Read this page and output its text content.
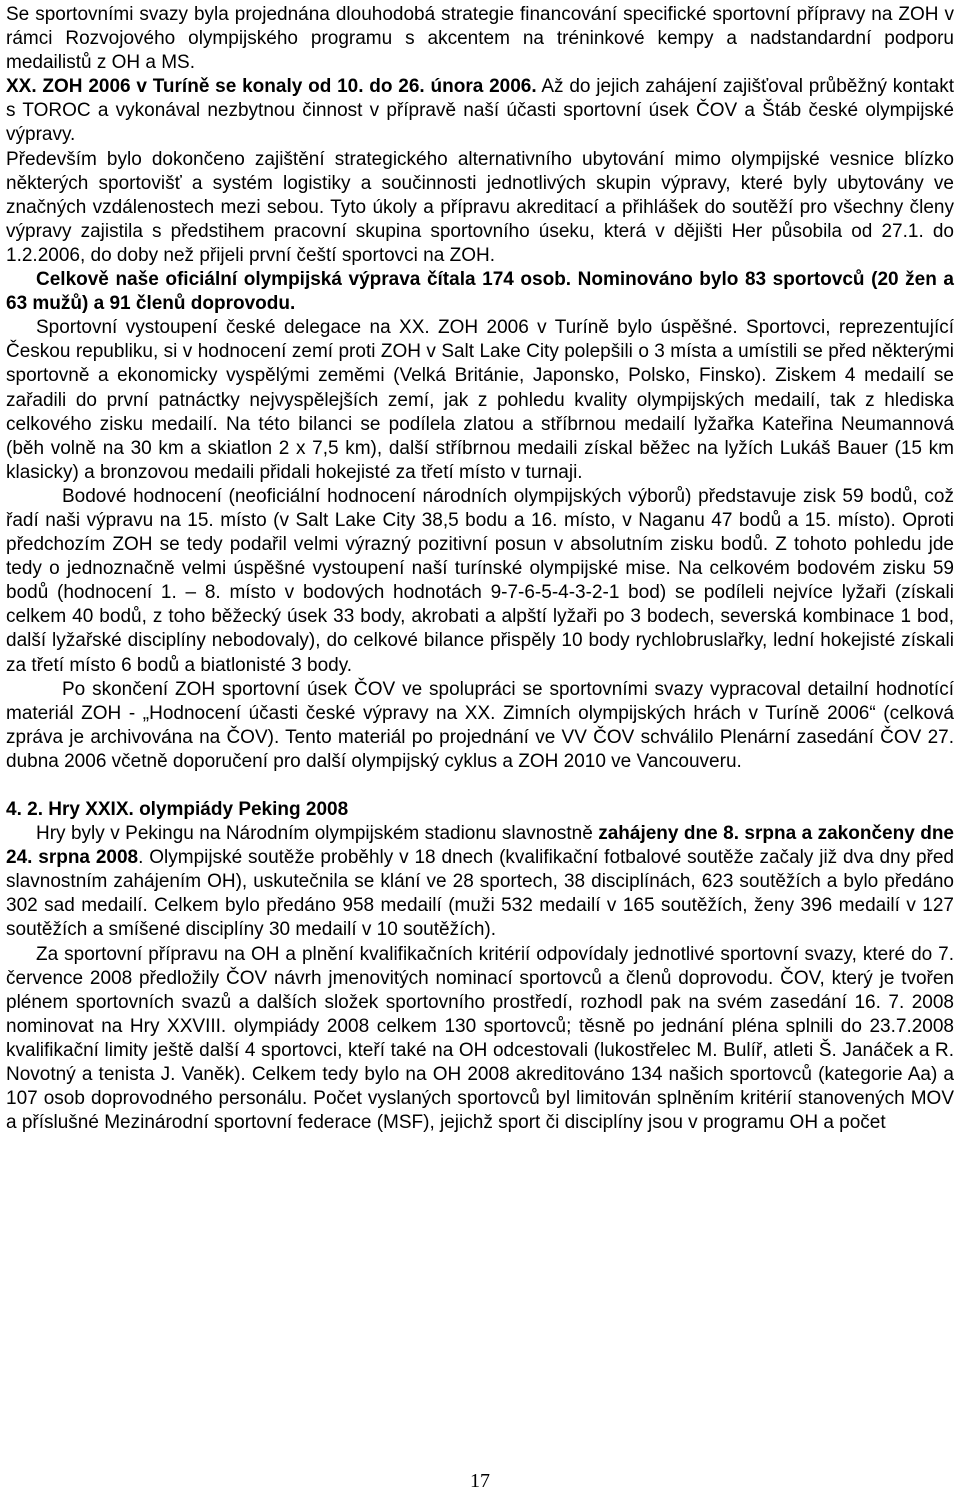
Se sportovními svazy byla projednána dlouhodobá strategie financování specifické sportovní přípravy na ZOH v rámci Rozvojového olympijského programu s akcentem na tréninkové kempy a nadstandardní podporu medailistů z OH a MS.

XX. ZOH 2006 v Turíně se konaly od 10. do 26. února 2006. Až do jejich zahájení zajišťoval průběžný kontakt s TOROC a vykonával nezbytnou činnost v přípravě naší účasti sportovní úsek ČOV a Štáb české olympijské výpravy.

Především bylo dokončeno zajištění strategického alternativního ubytování mimo olympijské vesnice blízko některých sportovišť a systém logistiky a součinnosti jednotlivých skupin výpravy, které byly ubytovány ve značných vzdálenostech mezi sebou. Tyto úkoly a přípravu akreditací a přihlášek do soutěží pro všechny členy výpravy zajistila s předstihem pracovní skupina sportovního úseku, která v dějišti Her působila od 27.1. do 1.2.2006, do doby než přijeli první čeští sportovci na ZOH.

Celkově naše oficiální olympijská výprava čítala 174 osob. Nominováno bylo 83 sportovců (20 žen a 63 mužů) a 91 členů doprovodu.

Sportovní vystoupení české delegace na XX. ZOH 2006 v Turíně bylo úspěšné. Sportovci, reprezentující Českou republiku, si v hodnocení zemí proti ZOH v Salt Lake City polepšili o 3 místa a umístili se před některými sportovně a ekonomicky vyspělými zeměmi (Velká Británie, Japonsko, Polsko, Finsko). Ziskem 4 medailí se zařadili do první patnáctky nejvyspělejších zemí, jak z pohledu kvality olympijských medailí, tak z hlediska celkového zisku medailí. Na této bilanci se podílela zlatou a stříbrnou medailí lyžařka Kateřina Neumannová (běh volně na 30 km a skiatlon 2 x 7,5 km), další stříbrnou medaili získal běžec na lyžích Lukáš Bauer (15 km klasicky) a bronzovou medaili přidali hokejisté za třetí místo v turnaji.

Bodové hodnocení (neoficiální hodnocení národních olympijských výborů) představuje zisk 59 bodů, což řadí naši výpravu na 15. místo (v Salt Lake City 38,5 bodu a 16. místo, v Naganu 47 bodů a 15. místo). Oproti předchozím ZOH se tedy podařil velmi výrazný pozitivní posun v absolutním zisku bodů. Z tohoto pohledu jde tedy o jednoznačně velmi úspěšné vystoupení naší turínské olympijské mise. Na celkovém bodovém zisku 59 bodů (hodnocení 1. – 8. místo v bodových hodnotách 9-7-6-5-4-3-2-1 bod) se podíleli nejvíce lyžaři (získali celkem 40 bodů, z toho běžecký úsek 33 body, akrobati a alpští lyžaři po 3 bodech, severská kombinace 1 bod, další lyžařské disciplíny nebodovaly), do celkové bilance přispěly 10 body rychlobruslařky, lední hokejisté získali za třetí místo 6 bodů a biatlonisté 3 body.

Po skončení ZOH sportovní úsek ČOV ve spolupráci se sportovními svazy vypracoval detailní hodnotící materiál ZOH - „Hodnocení účasti české výpravy na XX. Zimních olympijských hrách v Turíně 2006“ (celková zpráva je archivována na ČOV). Tento materiál po projednání ve VV ČOV schválilo Plenární zasedání ČOV 27. dubna 2006 včetně doporučení pro další olympijský cyklus a ZOH 2010 ve Vancouveru.

4. 2. Hry XXIX. olympiády Peking 2008

Hry byly v Pekingu na Národním olympijském stadionu slavnostně zahájeny dne 8. srpna a zakončeny dne 24. srpna 2008. Olympijské soutěže proběhly v 18 dnech (kvalifikační fotbalové soutěže začaly již dva dny před slavnostním zahájením OH), uskutečnila se klání ve 28 sportech, 38 disciplínách, 623 soutěžích a bylo předáno 302 sad medailí. Celkem bylo předáno 958 medailí (muži 532 medailí v 165 soutěžích, ženy 396 medailí v 127 soutěžích a smíšené disciplíny 30 medailí v 10 soutěžích).

Za sportovní přípravu na OH a plnění kvalifikačních kritérií odpovídaly jednotlivé sportovní svazy, které do 7. července 2008 předložily ČOV návrh jmenovitých nominací sportovců a členů doprovodu. ČOV, který je tvořen plénem sportovních svazů a dalších složek sportovního prostředí, rozhodl pak na svém zasedání 16. 7. 2008 nominovat na Hry XXVIII. olympiády 2008 celkem 130 sportovců; těsně po jednání pléna splnili do 23.7.2008 kvalifikační limity ještě další 4 sportovci, kteří také na OH odcestovali (lukostřelec M. Bulíř, atleti Š. Janáček a R. Novotný a tenista J. Vaněk). Celkem tedy bylo na OH 2008 akreditováno 134 našich sportovců (kategorie Aa) a 107 osob doprovodného personálu. Počet vyslaných sportovců byl limitován splněním kritérií stanovených MOV a příslušné Mezinárodní sportovní federace (MSF), jejichž sport či disciplíny jsou v programu OH a počet

17
